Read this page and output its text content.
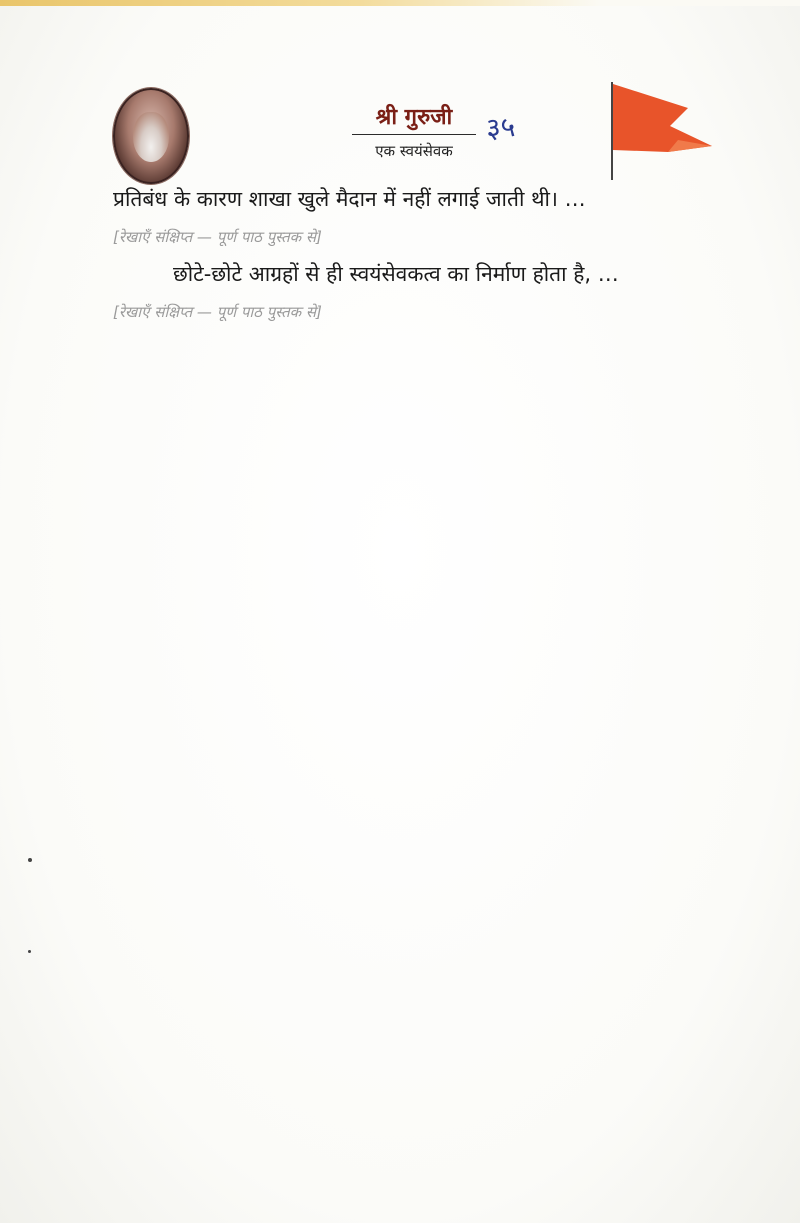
श्री गुरुजी
एक स्वयंसेवक
३५

प्रतिबंध के कारण शाखा खुले मैदान में नहीं लगाई जाती थी। …
[रेखाएँ संक्षिप्त — पूर्ण पाठ पुस्तक से]

छोटे-छोटे आग्रहों से ही स्वयंसेवकत्व का निर्माण होता है, …
[रेखाएँ संक्षिप्त — पूर्ण पाठ पुस्तक से]
